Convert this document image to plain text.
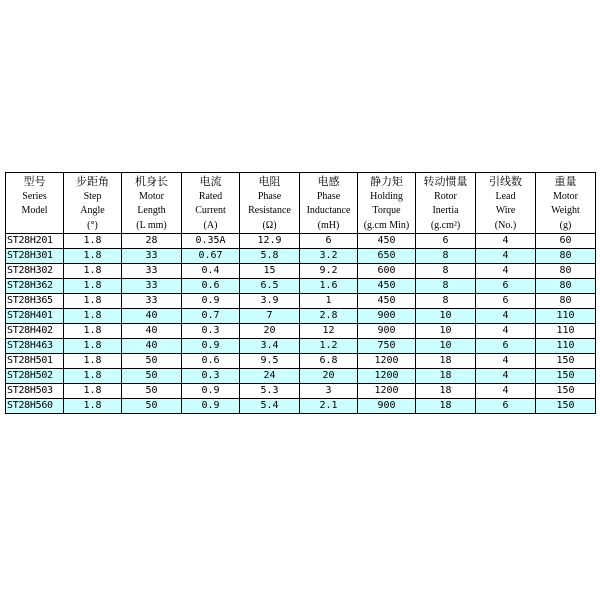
型号	步距角	机身长	电流	电阻	电感	静力矩	转动惯量	引线数	重量
Series	Step	Motor	Rated	Phase	Phase	Holding	Rotor	Lead	Motor
Model	Angle	Length	Current	Resistance	Inductance	Torque	Inertia	Wire	Weight
	(°)	(L mm)	(A)	(Ω)	(mH)	(g.cm Min)	(g.cm²)	(No.)	(g)
ST28H201	1.8	28	0.35A	12.9	6	450	6	4	60
ST28H301	1.8	33	0.67	5.8	3.2	650	8	4	80
ST28H302	1.8	33	0.4	15	9.2	600	8	4	80
ST28H362	1.8	33	0.6	6.5	1.6	450	8	6	80
ST28H365	1.8	33	0.9	3.9	1	450	8	6	80
ST28H401	1.8	40	0.7	7	2.8	900	10	4	110
ST28H402	1.8	40	0.3	20	12	900	10	4	110
ST28H463	1.8	40	0.9	3.4	1.2	750	10	6	110
ST28H501	1.8	50	0.6	9.5	6.8	1200	18	4	150
ST28H502	1.8	50	0.3	24	20	1200	18	4	150
ST28H503	1.8	50	0.9	5.3	3	1200	18	4	150
ST28H560	1.8	50	0.9	5.4	2.1	900	18	6	150
